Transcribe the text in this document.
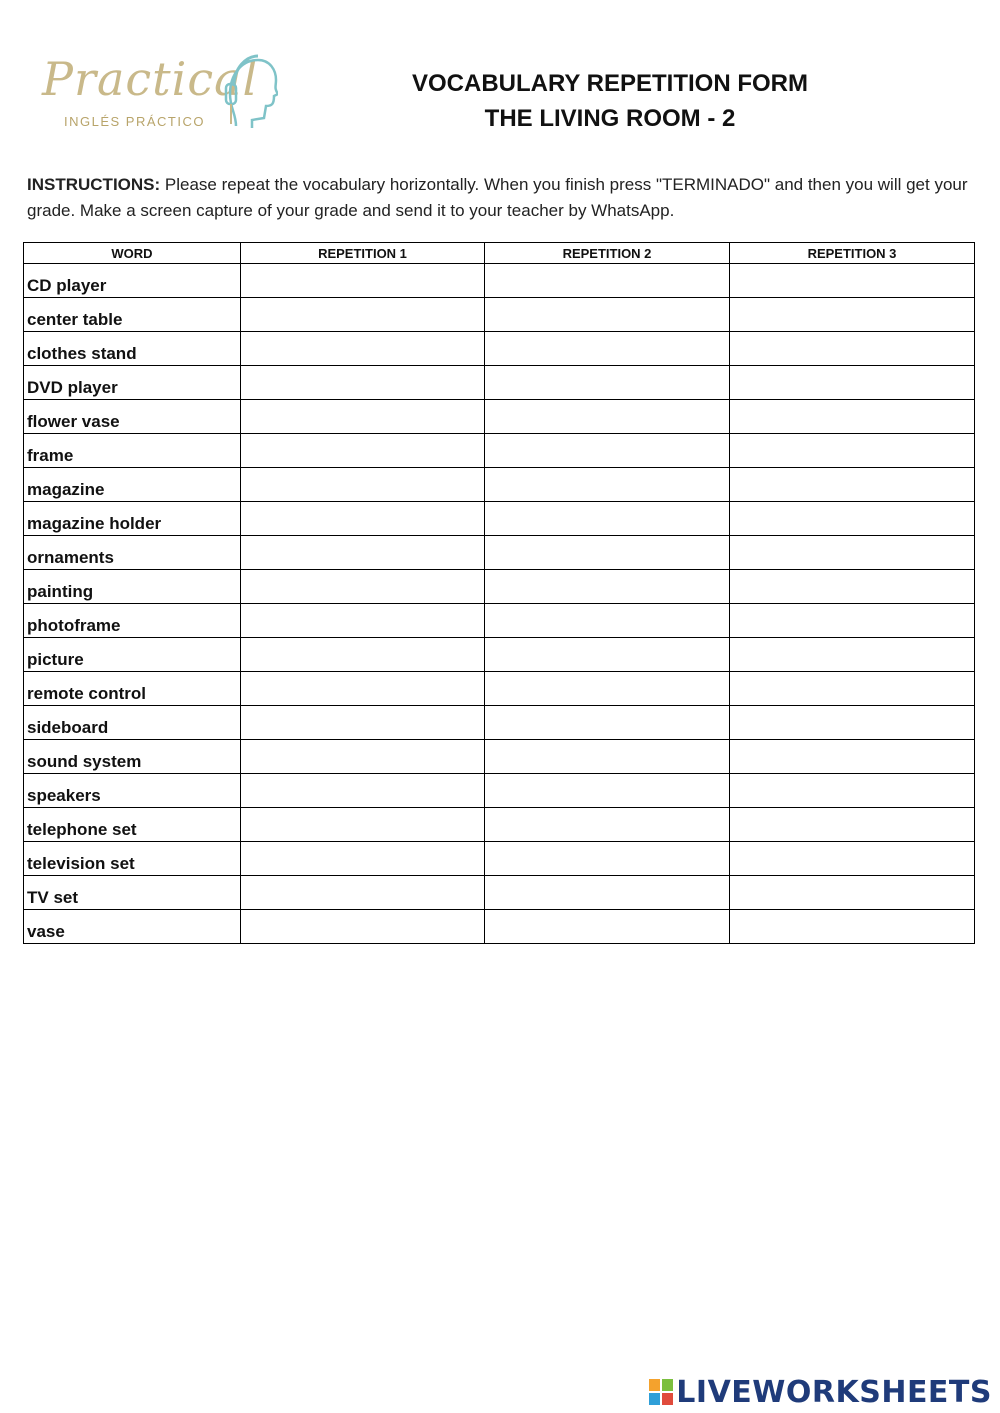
Practical
INGLÉS PRÁCTICO
VOCABULARY REPETITION FORM
THE LIVING ROOM - 2
INSTRUCTIONS: Please repeat the vocabulary horizontally. When you finish press "TERMINADO" and then you will get your grade. Make a screen capture of your grade and send it to your teacher by WhatsApp.
WORD	REPETITION 1	REPETITION 2	REPETITION 3
CD player			
center table			
clothes stand			
DVD player			
flower vase			
frame			
magazine			
magazine holder			
ornaments			
painting			
photoframe			
picture			
remote control			
sideboard			
sound system			
speakers			
telephone set			
television set			
TV set			
vase			
LIVEWORKSHEETS
